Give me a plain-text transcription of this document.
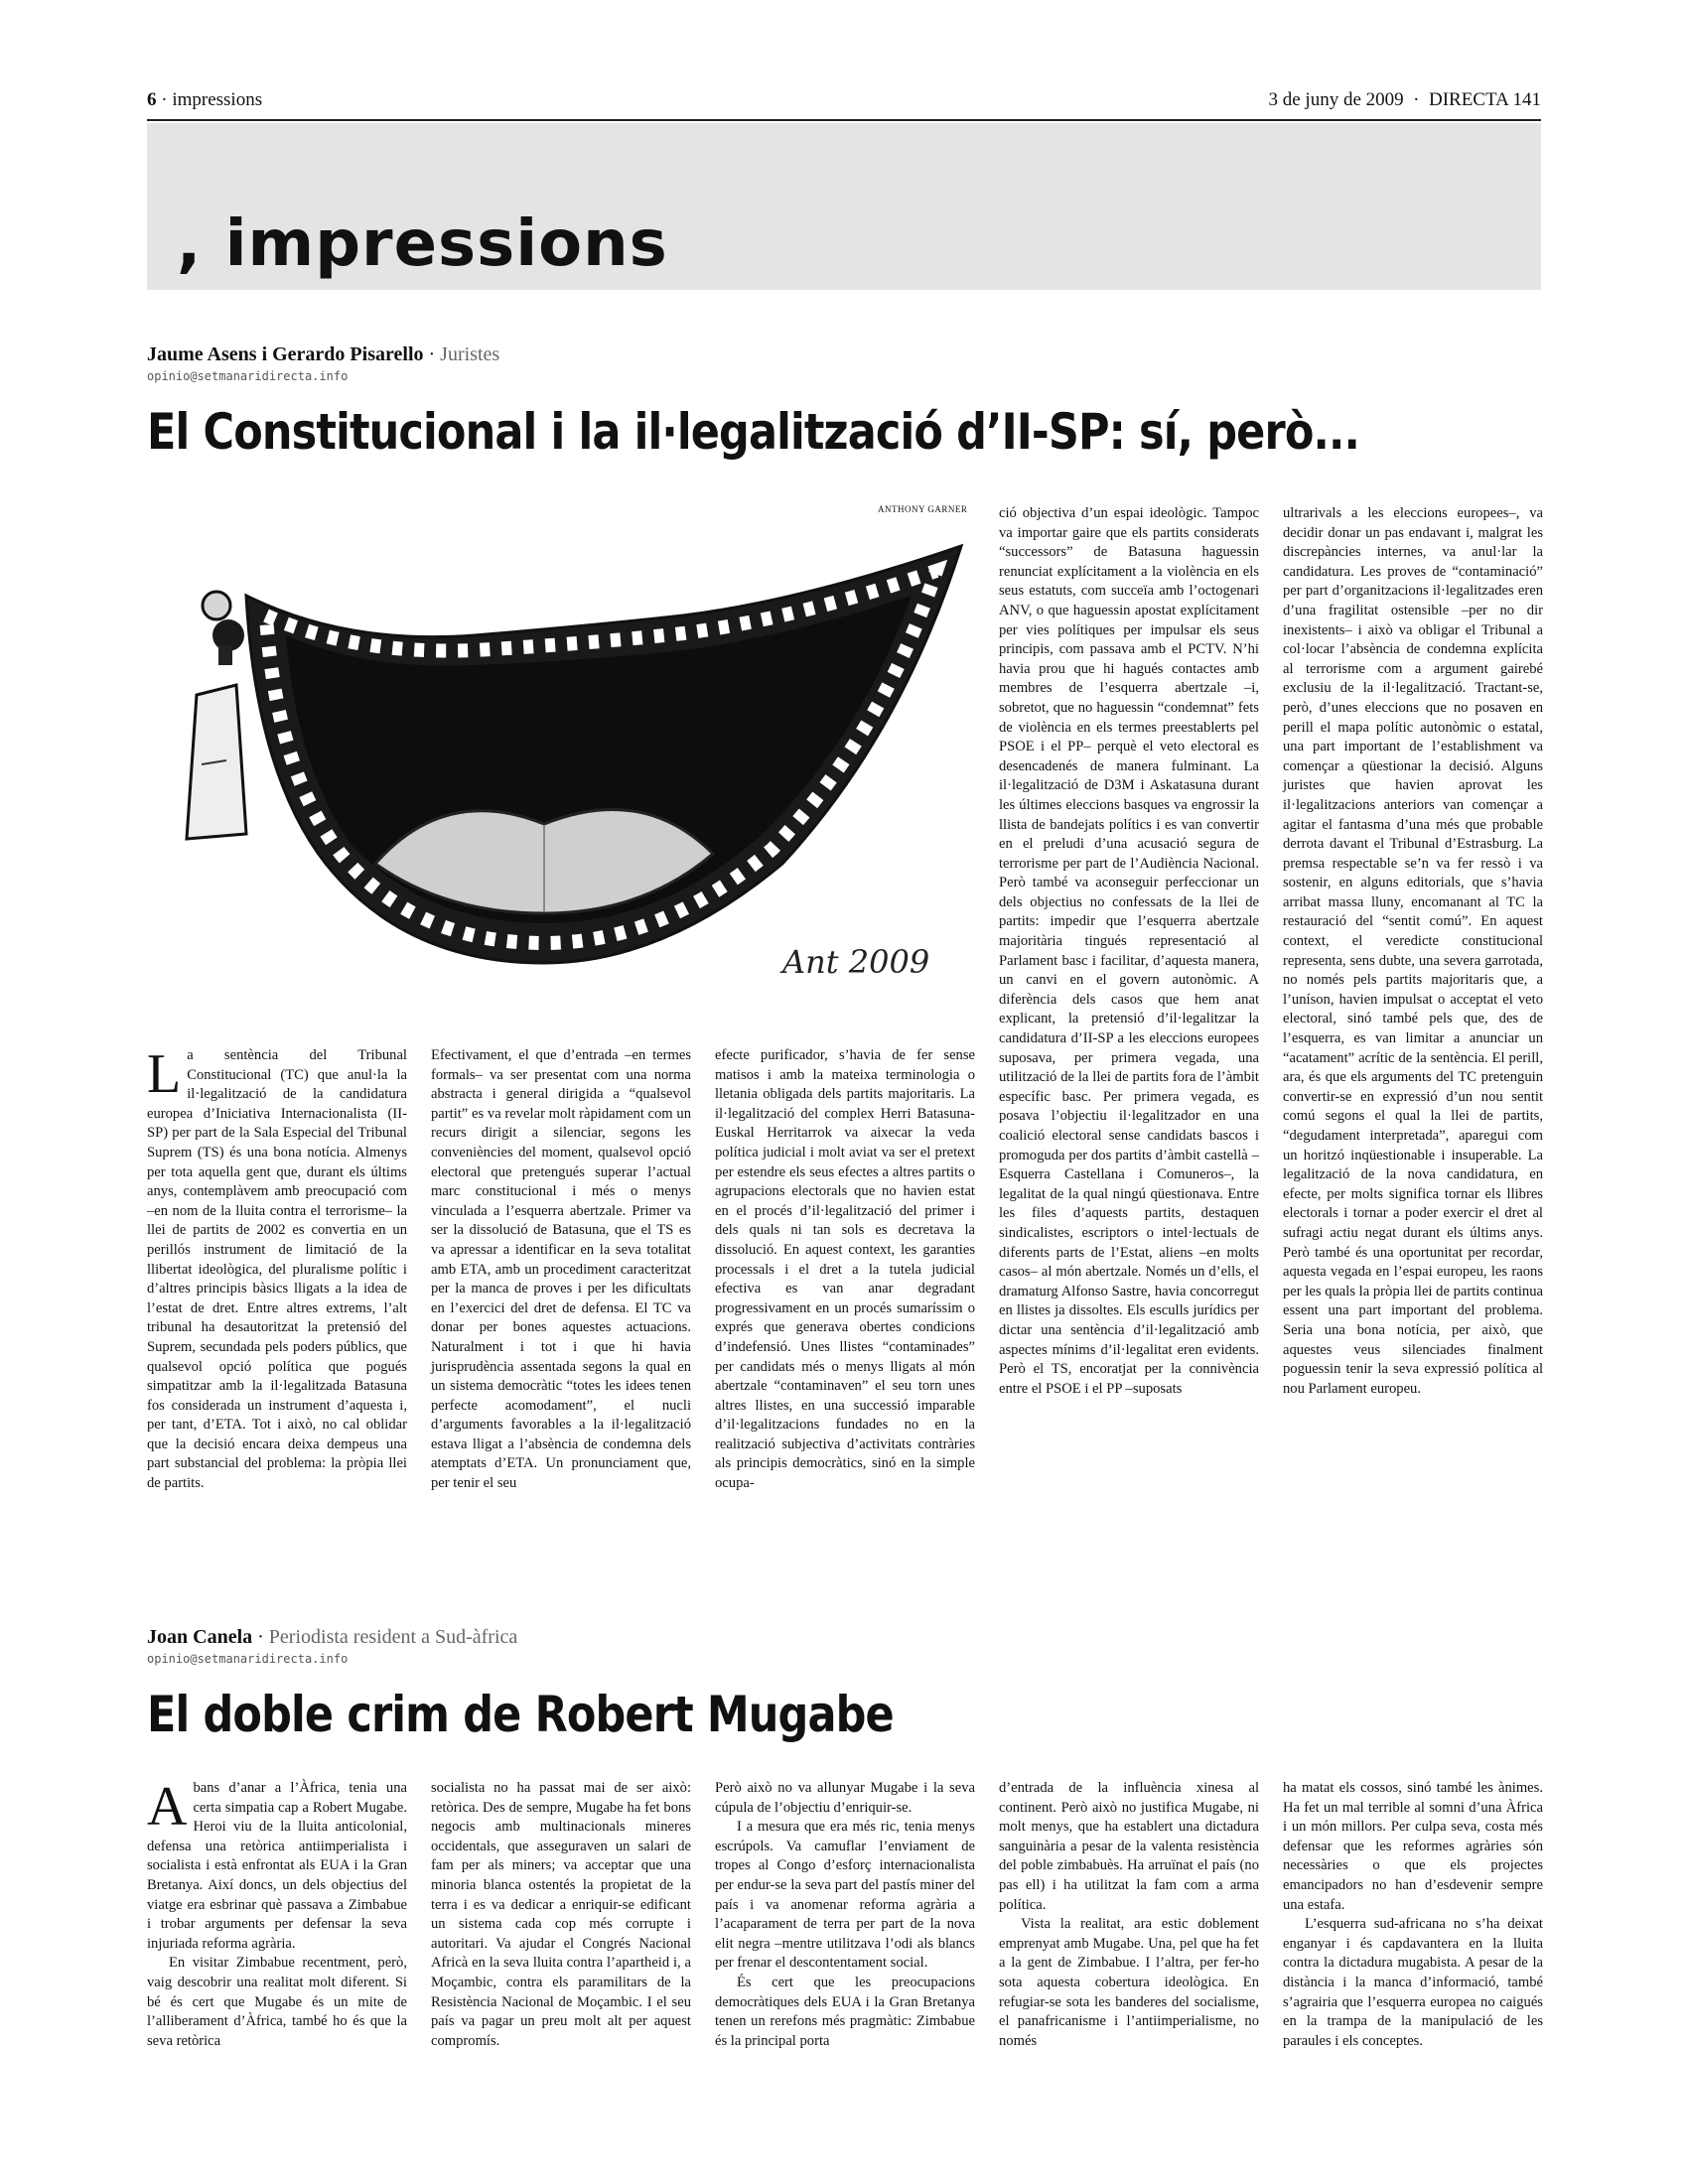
6 · impressions	3 de juny de 2009 · DIRECTA 141
, impressions
Jaume Asens i Gerardo Pisarello · Juristes
opinio@setmanaridirecta.info
El Constitucional i la il·legalització d’II-SP: sí, però...
ANTHONY GARNER
Ant 2009

La sentència del Tribunal Constitucional (TC) que anul·la la il·legalització de la candidatura europea d’Iniciativa Internacionalista (II-SP) per part de la Sala Especial del Tribunal Suprem (TS) és una bona notícia. Almenys per tota aquella gent que, durant els últims anys, contemplàvem amb preocupació com –en nom de la lluita contra el terrorisme– la llei de partits de 2002 es convertia en un perillós instrument de limitació de la llibertat ideològica, del pluralisme polític i d’altres principis bàsics lligats a la idea de l’estat de dret. Entre altres extrems, l’alt tribunal ha desautoritzat la pretensió del Suprem, secundada pels poders públics, que qualsevol opció política que pogués simpatitzar amb la il·legalitzada Batasuna fos considerada un instrument d’aquesta i, per tant, d’ETA. Tot i això, no cal oblidar que la decisió encara deixa dempeus una part substancial del problema: la pròpia llei de partits.

Efectivament, el que d’entrada –en termes formals– va ser presentat com una norma abstracta i general dirigida a “qualsevol partit” es va revelar molt ràpidament com un recurs dirigit a silenciar, segons les conveniències del moment, qualsevol opció electoral que pretengués superar l’actual marc constitucional i més o menys vinculada a l’esquerra abertzale. Primer va ser la dissolució de Batasuna, que el TS es va apressar a identificar en la seva totalitat amb ETA, amb un procediment caracteritzat per la manca de proves i per les dificultats en l’exercici del dret de defensa. El TC va donar per bones aquestes actuacions. Naturalment i tot i que hi havia jurisprudència assentada segons la qual en un sistema democràtic “totes les idees tenen perfecte acomodament”, el nucli d’arguments favorables a la il·legalització estava lligat a l’absència de condemna dels atemptats d’ETA. Un pronunciament que, per tenir el seu

efecte purificador, s’havia de fer sense matisos i amb la mateixa terminologia o lletania obligada dels partits majoritaris. La il·legalització del complex Herri Batasuna-Euskal Herritarrok va aixecar la veda política judicial i molt aviat va ser el pretext per estendre els seus efectes a altres partits o agrupacions electorals que no havien estat en el procés d’il·legalització del primer i dels quals ni tan sols es decretava la dissolució. En aquest context, les garanties processals i el dret a la tutela judicial efectiva es van anar degradant progressivament en un procés sumaríssim o exprés que generava obertes condicions d’indefensió. Unes llistes “contaminades” per candidats més o menys lligats al món abertzale “contaminaven” el seu torn unes altres llistes, en una successió imparable d’il·legalitzacions fundades no en la realització subjectiva d’activitats contràries als principis democràtics, sinó en la simple ocupa-

ció objectiva d’un espai ideològic. Tampoc va importar gaire que els partits considerats “successors” de Batasuna haguessin renunciat explícitament a la violència en els seus estatuts, com succeïa amb l’octogenari ANV, o que haguessin apostat explícitament per vies polítiques per impulsar els seus principis, com passava amb el PCTV. N’hi havia prou que hi hagués contactes amb membres de l’esquerra abertzale –i, sobretot, que no haguessin “condemnat” fets de violència en els termes preestablerts pel PSOE i el PP– perquè el veto electoral es desencadenés de manera fulminant. La il·legalització de D3M i Askatasuna durant les últimes eleccions basques va engrossir la llista de bandejats polítics i es van convertir en el preludi d’una acusació segura de terrorisme per part de l’Audiència Nacional. Però també va aconseguir perfeccionar un dels objectius no confessats de la llei de partits: impedir que l’esquerra abertzale majoritària tingués representació al Parlament basc i facilitar, d’aquesta manera, un canvi en el govern autonòmic. A diferència dels casos que hem anat explicant, la pretensió d’il·legalitzar la candidatura d’II-SP a les eleccions europees suposava, per primera vegada, una utilització de la llei de partits fora de l’àmbit específic basc. Per primera vegada, es posava l’objectiu il·legalitzador en una coalició electoral sense candidats bascos i promoguda per dos partits d’àmbit castellà –Esquerra Castellana i Comuneros–, la legalitat de la qual ningú qüestionava. Entre les files d’aquests partits, destaquen sindicalistes, escriptors o intel·lectuals de diferents parts de l’Estat, aliens –en molts casos– al món abertzale. Només un d’ells, el dramaturg Alfonso Sastre, havia concorregut en llistes ja dissoltes. Els esculls jurídics per dictar una sentència d’il·legalització amb aspectes mínims d’il·legalitat eren evidents. Però el TS, encoratjat per la connivència entre el PSOE i el PP –suposats

ultrarivals a les eleccions europees–, va decidir donar un pas endavant i, malgrat les discrepàncies internes, va anul·lar la candidatura. Les proves de “contaminació” per part d’organitzacions il·legalitzades eren d’una fragilitat ostensible –per no dir inexistents– i això va obligar el Tribunal a col·locar l’absència de condemna explícita al terrorisme com a argument gairebé exclusiu de la il·legalització. Tractant-se, però, d’unes eleccions que no posaven en perill el mapa polític autonòmic o estatal, una part important de l’establishment va començar a qüestionar la decisió. Alguns juristes que havien aprovat les il·legalitzacions anteriors van començar a agitar el fantasma d’una més que probable derrota davant el Tribunal d’Estrasburg. La premsa respectable se’n va fer ressò i va sostenir, en alguns editorials, que s’havia arribat massa lluny, encomanant al TC la restauració del “sentit comú”. En aquest context, el veredicte constitucional representa, sens dubte, una severa garrotada, no només pels partits majoritaris que, a l’uníson, havien impulsat o acceptat el veto electoral, sinó també pels que, des de l’esquerra, es van limitar a anunciar un “acatament” acrític de la sentència. El perill, ara, és que els arguments del TC pretenguin convertir-se en expressió d’un nou sentit comú segons el qual la llei de partits, “degudament interpretada”, aparegui com un horitzó inqüestionable i insuperable. La legalització de la nova candidatura, en efecte, per molts significa tornar els llibres electorals i tornar a poder exercir el dret al sufragi actiu negat durant els últims anys. Però també és una oportunitat per recordar, aquesta vegada en l’espai europeu, les raons per les quals la pròpia llei de partits continua essent una part important del problema. Seria una bona notícia, per això, que aquestes veus silenciades finalment poguessin tenir la seva expressió política al nou Parlament europeu.

Joan Canela · Periodista resident a Sud-àfrica
opinio@setmanaridirecta.info
El doble crim de Robert Mugabe

Abans d’anar a l’Àfrica, tenia una certa simpatia cap a Robert Mugabe. Heroi viu de la lluita anticolonial, defensa una retòrica antiimperialista i socialista i està enfrontat als EUA i la Gran Bretanya. Així doncs, un dels objectius del viatge era esbrinar què passava a Zimbabue i trobar arguments per defensar la seva injuriada reforma agrària.

En visitar Zimbabue recentment, però, vaig descobrir una realitat molt diferent. Si bé és cert que Mugabe és un mite de l’alliberament d’Àfrica, també ho és que la seva retòrica

socialista no ha passat mai de ser això: retòrica. Des de sempre, Mugabe ha fet bons negocis amb multinacionals mineres occidentals, que asseguraven un salari de fam per als miners; va acceptar que una minoria blanca ostentés la propietat de la terra i es va dedicar a enriquir-se edificant un sistema cada cop més corrupte i autoritari. Va ajudar el Congrés Nacional Africà en la seva lluita contra l’apartheid i, a Moçambic, contra els paramilitars de la Resistència Nacional de Moçambic. I el seu país va pagar un preu molt alt per aquest compromís.

Però això no va allunyar Mugabe i la seva cúpula de l’objectiu d’enriquir-se.

I a mesura que era més ric, tenia menys escrúpols. Va camuflar l’enviament de tropes al Congo d’esforç internacionalista per endur-se la seva part del pastís miner del país i va anomenar reforma agrària a l’acaparament de terra per part de la nova elit negra –mentre utilitzava l’odi als blancs per frenar el descontentament social.

És cert que les preocupacions democràtiques dels EUA i la Gran Bretanya tenen un rerefons més pragmàtic: Zimbabue és la principal porta

d’entrada de la influència xinesa al continent. Però això no justifica Mugabe, ni molt menys, que ha establert una dictadura sanguinària a pesar de la valenta resistència del poble zimbabuès. Ha arruïnat el país (no pas ell) i ha utilitzat la fam com a arma política.

Vista la realitat, ara estic doblement emprenyat amb Mugabe. Una, pel que ha fet a la gent de Zimbabue. I l’altra, per fer-ho sota aquesta cobertura ideològica. En refugiar-se sota les banderes del socialisme, el panafricanisme i l’antiimperialisme, no només

ha matat els cossos, sinó també les ànimes. Ha fet un mal terrible al somni d’una Àfrica i un món millors. Per culpa seva, costa més defensar que les reformes agràries són necessàries o que els projectes emancipadors no han d’esdevenir sempre una estafa.

L’esquerra sud-africana no s’ha deixat enganyar i és capdavantera en la lluita contra la dictadura mugabista. A pesar de la distància i la manca d’informació, també s’agrairia que l’esquerra europea no caigués en la trampa de la manipulació de les paraules i els conceptes.
